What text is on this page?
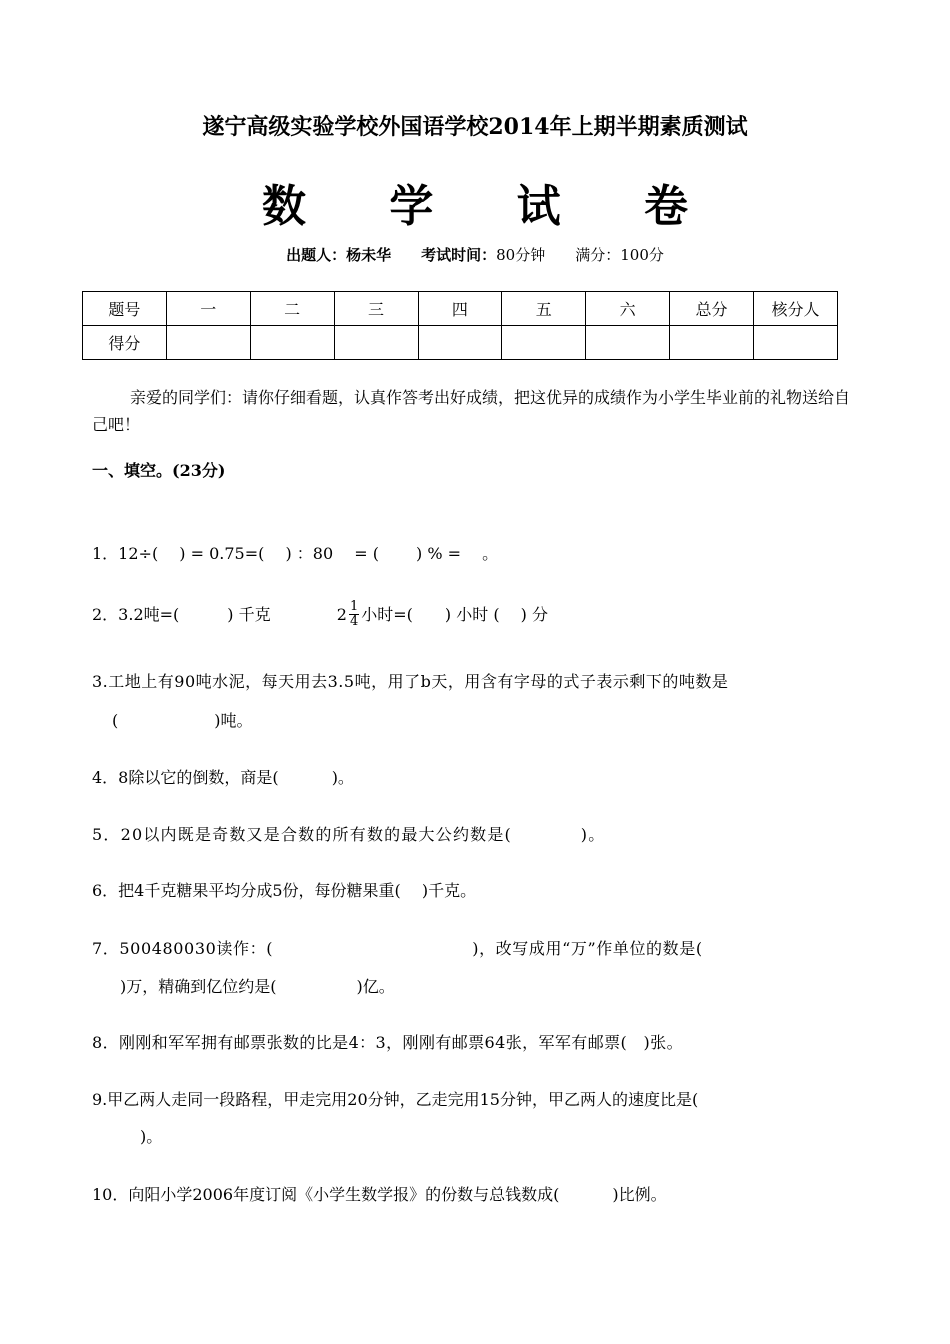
遂宁高级实验学校外国语学校2014年上期半期素质测试
数 学 试 卷
出题人：杨未华 考试时间：80分钟 满分：100分
题号	一	二	三	四	五	六	总分	核分人
得分								
亲爱的同学们：请你仔细看题，认真作答考出好成绩，把这优异的成绩作为小学生毕业前的礼物送给自己吧！
一、填空。(23分)
1．12÷(　 ) = 0.75=(　 ) ：80　 = (　　 ) % =　 。
2．3.2吨=(　　　) 千克	$2 \frac{1}{4}$ 小时=(　　) 小时 (　 ) 分
3.工地上有90吨水泥，每天用去3.5吨，用了b天，用含有字母的式子表示剩下的吨数是
(　　　　　　)吨。
4．8除以它的倒数，商是(　　　 )。
5．20以内既是奇数又是合数的所有数的最大公约数是(　　　　)。
6．把4千克糖果平均分成5份，每份糖果重(　 )千克。
7．500480030读作：(　　　　　　　　　　　　)，改写成用“万”作单位的数是(
)万，精确到亿位约是(　　　　　)亿。
8．刚刚和军军拥有邮票张数的比是4：3，刚刚有邮票64张，军军有邮票(　)张。
9.甲乙两人走同一段路程，甲走完用20分钟，乙走完用15分钟，甲乙两人的速度比是(
)。
10．向阳小学2006年度订阅《小学生数学报》的份数与总钱数成(　　　 )比例。
